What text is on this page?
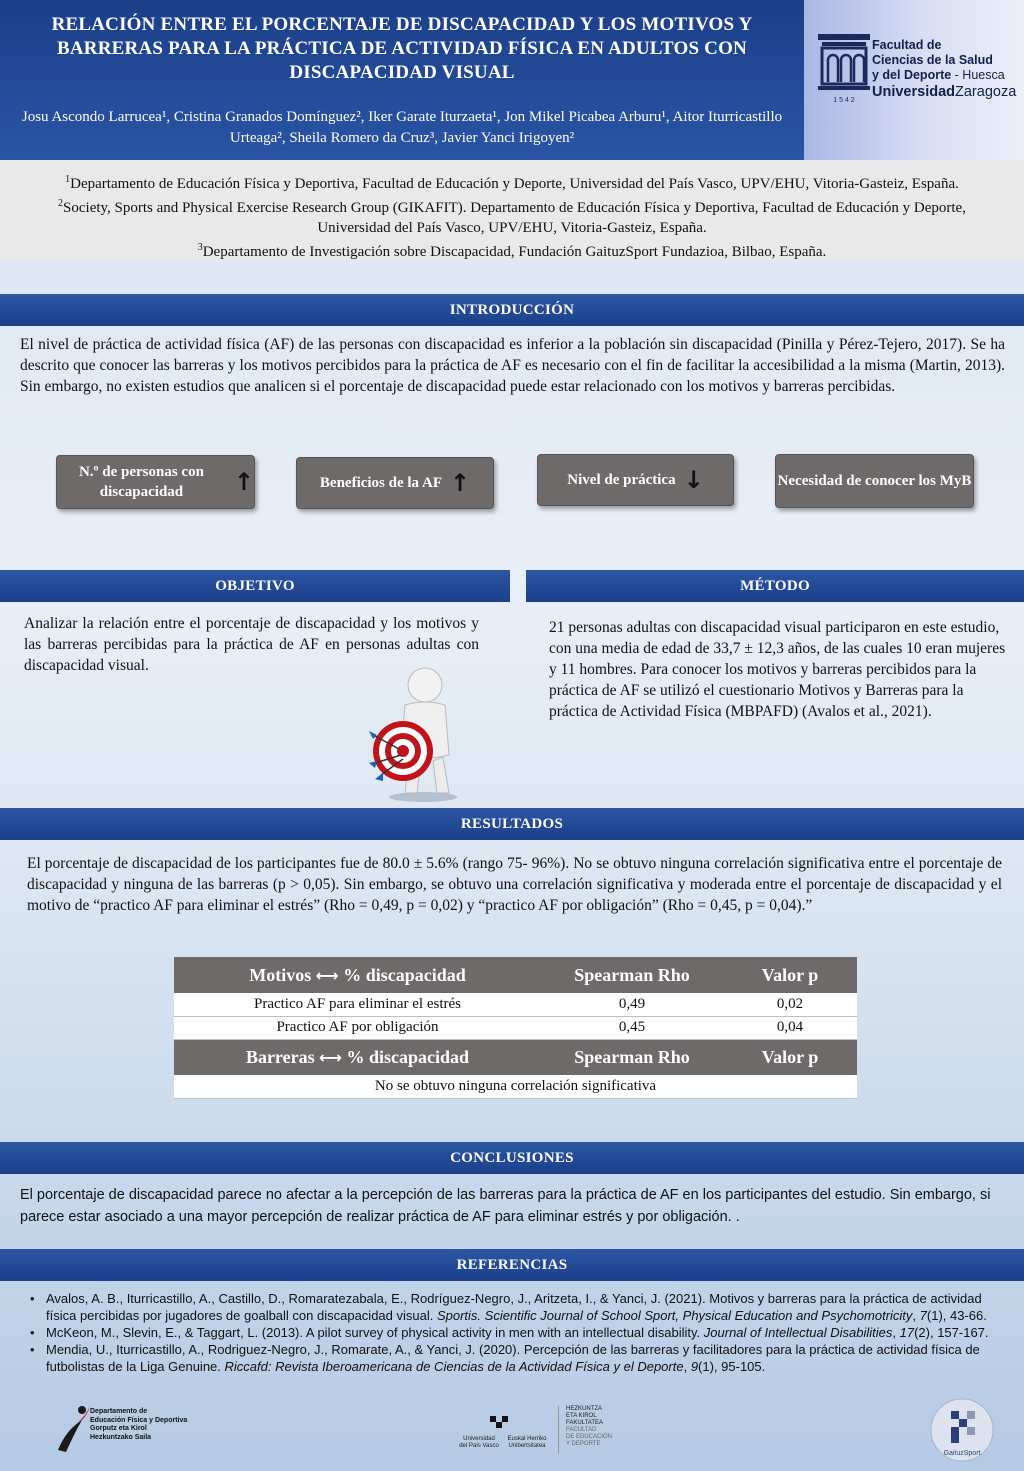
RELACIÓN ENTRE EL PORCENTAJE DE DISCAPACIDAD Y LOS MOTIVOS Y BARRERAS PARA LA PRÁCTICA DE ACTIVIDAD FÍSICA EN ADULTOS CON DISCAPACIDAD VISUAL
Josu Ascondo Larrucea¹, Cristina Granados Domínguez², Iker Garate Iturzaeta¹, Jon Mikel Picabea Arburu¹, Aitor Iturricastillo Urteaga², Sheila Romero da Cruz³, Javier Yanci Irigoyen²
1 5 4 2
Facultad de
Ciencias de la Salud
y del Deporte - Huesca
UniversidadZaragoza
$^1$Departamento de Educación Física y Deportiva, Facultad de Educación y Deporte, Universidad del País Vasco, UPV/EHU, Vitoria-Gasteiz, España.
$^2$Society, Sports and Physical Exercise Research Group (GIKAFIT). Departamento de Educación Física y Deportiva, Facultad de Educación y Deporte, Universidad del País Vasco, UPV/EHU, Vitoria-Gasteiz, España.
$^3$Departamento de Investigación sobre Discapacidad, Fundación GaituzSport Fundazioa, Bilbao, España.
INTRODUCCIÓN
El nivel de práctica de actividad física (AF) de las personas con discapacidad es inferior a la población sin discapacidad (Pinilla y Pérez-Tejero, 2017). Se ha descrito que conocer las barreras y los motivos percibidos para la práctica de AF es necesario con el fin de facilitar la accesibilidad a la misma (Martin, 2013). Sin embargo, no existen estudios que analicen si el porcentaje de discapacidad puede estar relacionado con los motivos y barreras percibidas.
N.º de personas con discapacidad	↑	Beneficios de la AF ↑	Nivel de práctica ↓	Necesidad de conocer los MyB
OBJETIVO	MÉTODO
Analizar la relación entre el porcentaje de discapacidad y los motivos y las barreras percibidas para la práctica de AF en personas adultas con discapacidad visual.
21 personas adultas con discapacidad visual participaron en este estudio, con una media de edad de 33,7 ± 12,3 años, de las cuales 10 eran mujeres y 11 hombres. Para conocer los motivos y barreras percibidos para la práctica de AF se utilizó el cuestionario Motivos y Barreras para la práctica de Actividad Física (MBPAFD) (Avalos et al., 2021).
RESULTADOS
El porcentaje de discapacidad de los participantes fue de 80.0 ± 5.6% (rango 75- 96%). No se obtuvo ninguna correlación significativa entre el porcentaje de discapacidad y ninguna de las barreras (p > 0,05). Sin embargo, se obtuvo una correlación significativa y moderada entre el porcentaje de discapacidad y el motivo de “practico AF para eliminar el estrés” (Rho = 0,49, p = 0,02) y “practico AF por obligación” (Rho = 0,45, p = 0,04).”
Motivos ⟷ % discapacidad	Spearman Rho	Valor p
Practico AF para eliminar el estrés	0,49	0,02
Practico AF por obligación	0,45	0,04
Barreras ⟷ % discapacidad	Spearman Rho	Valor p
No se obtuvo ninguna correlación significativa		
CONCLUSIONES
El porcentaje de discapacidad parece no afectar a la percepción de las barreras para la práctica de AF en los participantes del estudio. Sin embargo, si parece estar asociado a una mayor percepción de realizar práctica de AF para eliminar estrés y por obligación. .
REFERENCIAS
• Avalos, A. B., Iturricastillo, A., Castillo, D., Romaratezabala, E., Rodríguez-Negro, J., Aritzeta, I., & Yanci, J. (2021). Motivos y barreras para la práctica de actividad física percibidas por jugadores de goalball con discapacidad visual. Sportis. Scientific Journal of School Sport, Physical Education and Psychomotricity, 7(1), 43-66.
• McKeon, M., Slevin, E., & Taggart, L. (2013). A pilot survey of physical activity in men with an intellectual disability. Journal of Intellectual Disabilities, 17(2), 157-167.
• Mendia, U., Iturricastillo, A., Rodriguez-Negro, J., Romarate, A., & Yanci, J. (2020). Percepción de las barreras y facilitadores para la práctica de actividad física de futbolistas de la Liga Genuine. Riccafd: Revista Iberoamericana de Ciencias de la Actividad Física y el Deporte, 9(1), 95-105.
Departamento de
Educación Física y Deportiva
Gorputz eta Kirol
Hezkuntzako Saila	Universidad
del País Vasco
Euskal Herriko
Unibertsitatea
HEZKUNTZA
ETA KIROL
FAKULTATEA
FACULTAD
DE EDUCACIÓN
Y DEPORTE
GaituzSport
